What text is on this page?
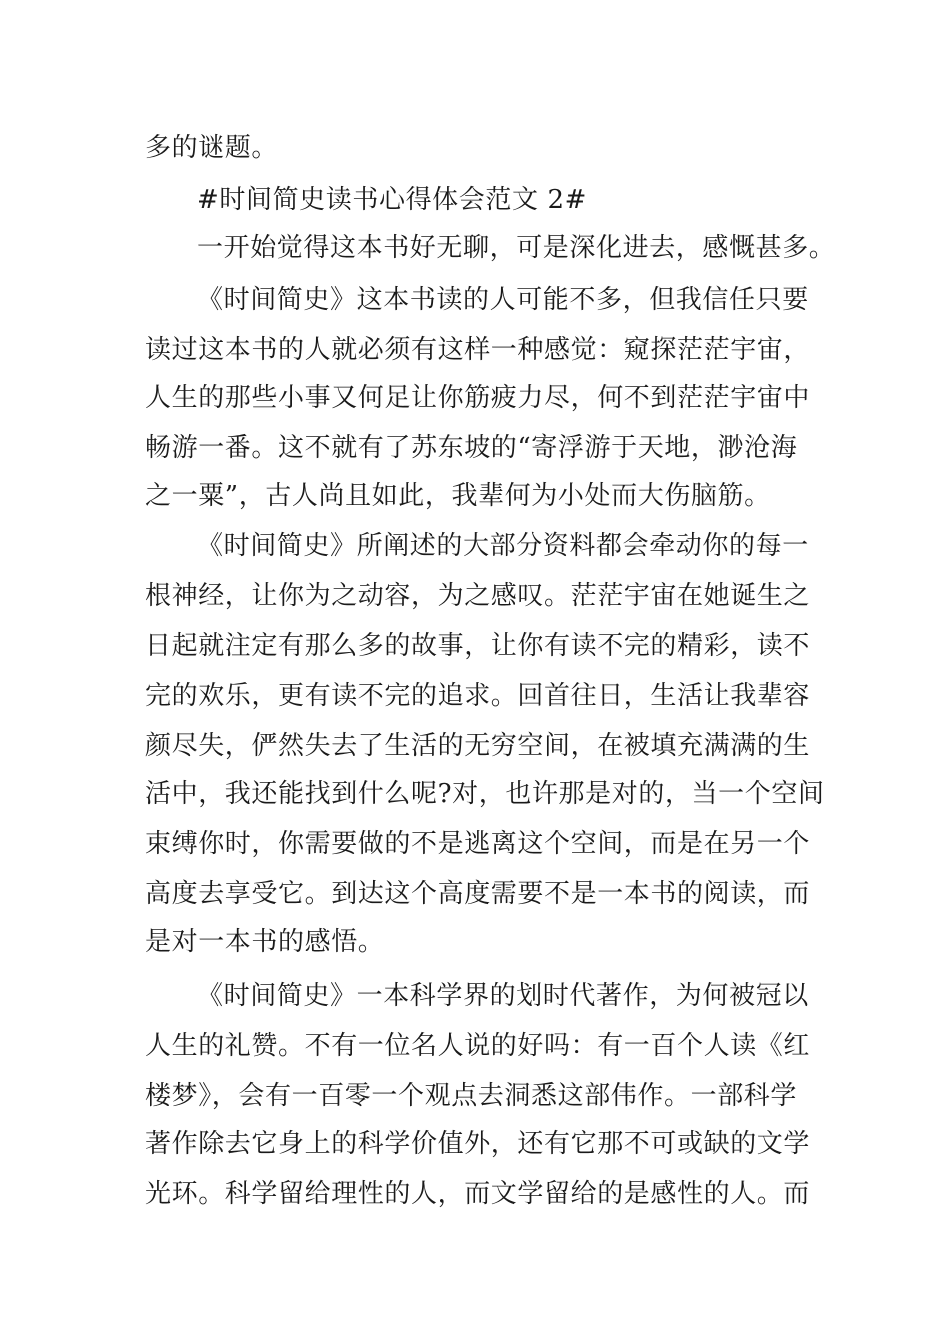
多的谜题。
#时间简史读书心得体会范文 2#
一开始觉得这本书好无聊，可是深化进去，感慨甚多。
《时间简史》这本书读的人可能不多，但我信任只要
读过这本书的人就必须有这样一种感觉：窥探茫茫宇宙，
人生的那些小事又何足让你筋疲力尽，何不到茫茫宇宙中
畅游一番。这不就有了苏东坡的“寄浮游于天地，渺沧海
之一粟”，古人尚且如此，我辈何为小处而大伤脑筋。
《时间简史》所阐述的大部分资料都会牵动你的每一
根神经，让你为之动容，为之感叹。茫茫宇宙在她诞生之
日起就注定有那么多的故事，让你有读不完的精彩，读不
完的欢乐，更有读不完的追求。回首往日，生活让我辈容
颜尽失，俨然失去了生活的无穷空间，在被填充满满的生
活中，我还能找到什么呢?对，也许那是对的，当一个空间
束缚你时，你需要做的不是逃离这个空间，而是在另一个
高度去享受它。到达这个高度需要不是一本书的阅读，而
是对一本书的感悟。
《时间简史》一本科学界的划时代著作，为何被冠以
人生的礼赞。不有一位名人说的好吗：有一百个人读《红
楼梦》，会有一百零一个观点去洞悉这部伟作。一部科学
著作除去它身上的科学价值外，还有它那不可或缺的文学
光环。科学留给理性的人，而文学留给的是感性的人。而
